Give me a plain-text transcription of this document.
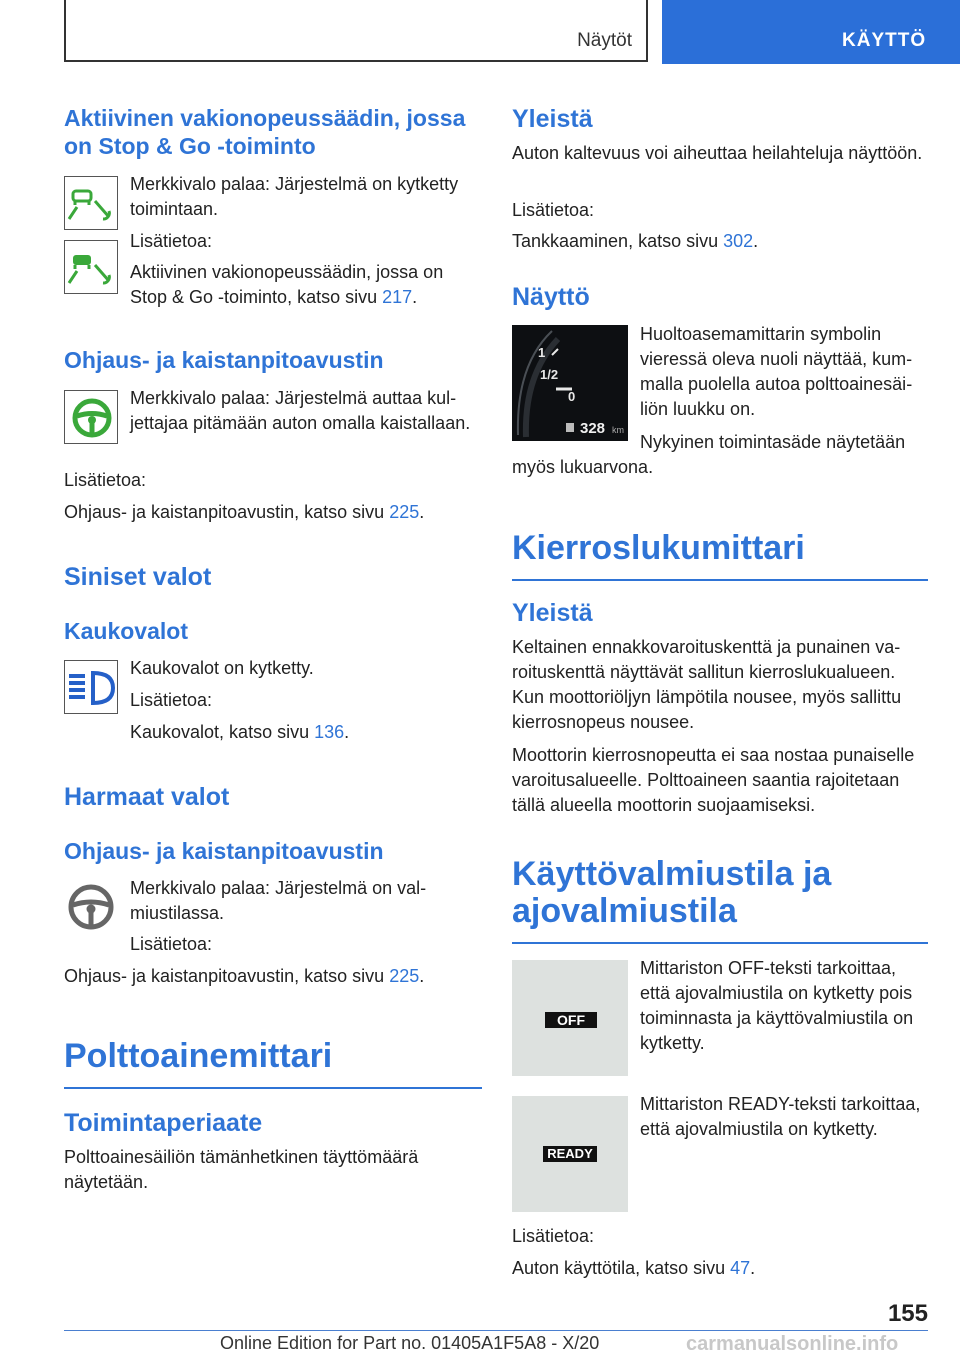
Näytöt	KÄYTTÖ
Aktiivinen vakionopeussäädin, jossa on Stop & Go -toiminto
Merkkivalo palaa: Järjestelmä on kytketty toimintaan.
Lisätietoa:
Aktiivinen vakionopeussäädin, jossa on Stop & Go -toiminto, katso sivu 217.
Ohjaus- ja kaistanpitoavustin
Merkkivalo palaa: Järjestelmä auttaa kuljettajaa pitämään auton omalla kaistallaan.
Lisätietoa:
Ohjaus- ja kaistanpitoavustin, katso sivu 225.
Siniset valot
Kaukovalot
Kaukovalot on kytketty.
Lisätietoa:
Kaukovalot, katso sivu 136.
Harmaat valot
Ohjaus- ja kaistanpitoavustin
Merkkivalo palaa: Järjestelmä on valmiustilassa.
Lisätietoa:
Ohjaus- ja kaistanpitoavustin, katso sivu 225.
Polttoainemittari
Toimintaperiaate
Polttoainesäiliön tämänhetkinen täyttömäärä näytetään.
Yleistä
Auton kaltevuus voi aiheuttaa heilahteluja näyttöön.
Lisätietoa:
Tankkaaminen, katso sivu 302.
Näyttö
1
1/2
0
328 km
Huoltoasemamittarin symbolin vieressä oleva nuoli näyttää, kummalla puolella autoa polttoainesäiliön luukku on.
Nykyinen toimintasäde näytetään
myös lukuarvona.
Kierroslukumittari
Yleistä
Keltainen ennakkovaroituskenttä ja punainen varoituskenttä näyttävät sallitun kierroslukualueen. Kun moottoriöljyn lämpötila nousee, myös sallittu kierrosnopeus nousee.
Moottorin kierrosnopeutta ei saa nostaa punaiselle varoitusalueelle. Polttoaineen saantia rajoitetaan tällä alueella moottorin suojaamiseksi.
Käyttövalmiustila ja ajovalmiustila
OFF
Mittariston OFF-teksti tarkoittaa, että ajovalmiustila on kytketty pois toiminnasta ja käyttövalmiustila on kytketty.
READY
Mittariston READY-teksti tarkoittaa, että ajovalmiustila on kytketty.
Lisätietoa:
Auton käyttötila, katso sivu 47.
155
Online Edition for Part no. 01405A1F5A8 - X/20	carmanualsonline.info
